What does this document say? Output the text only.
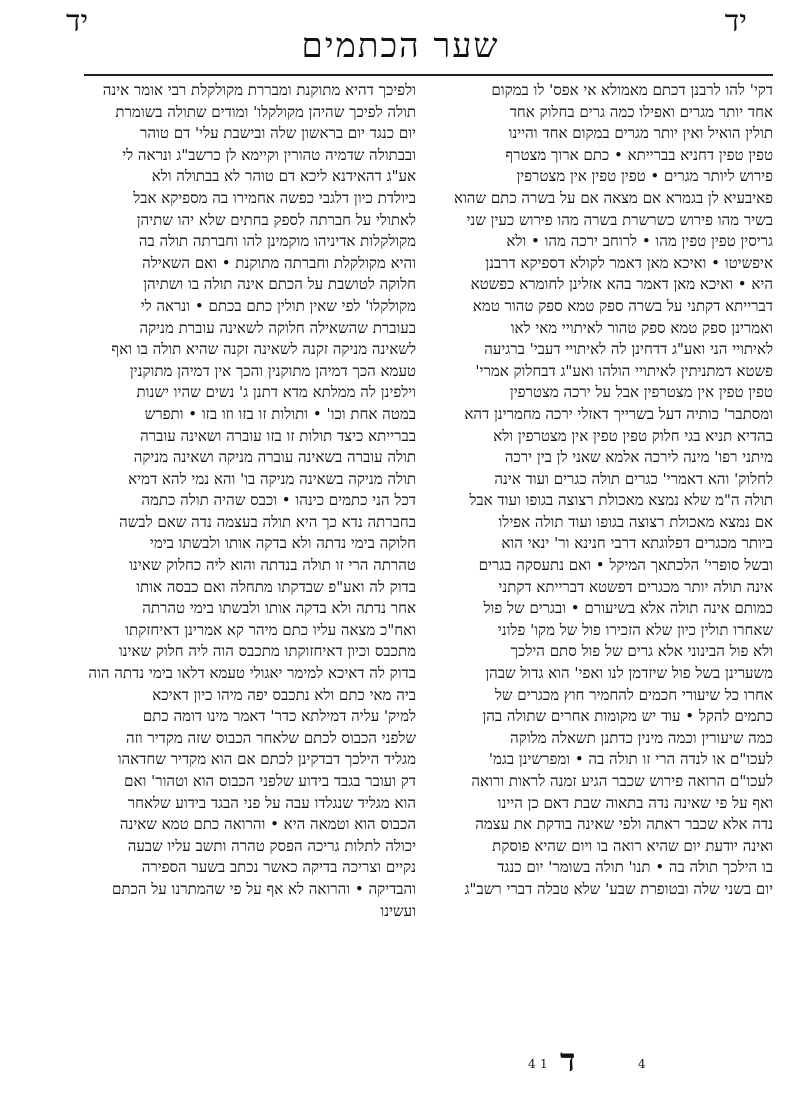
יד
שער הכתמים
יד

דקי' להו לרבנן דכתם מאמולא אי אפס' לו במקום
אחד יותר מגרים ואפילו כמה גרים בחלוק אחד
תולין הואיל ואין יותר מגרים במקום אחד והיינו
טפין טפין דחניא בברייתא • כתם ארוך מצטרף
פירוש ליותר מגרים • טפין טפין אין מצטרפין
פאיבעיא לן בגמרא אם מצאה אם על בשרה כתם שהוא
בשיר מהו פירוש כשרשרת בשרה מהו פירוש כעין שני
גריסין טפין טפין מהו • לרוחב ירכה מהו • ולא
איפשיטו • ואיכא מאן דאמר לקולא דספיקא דרבנן
היא • ואיכא מאן דאמר בהא אזלינן לחומרא כפשטא
דברייתא דקתני על בשרה ספק טמא ספק טהור טמא
ואמרינן ספק טמא ספק טהור לאיתויי מאי לאו
לאיתויי הני ואע"ג דדחינן לה לאיתויי דעבי' ברגיעה
פשטא דמתניתין לאיתויי הולהו ואע"ג דבחלוק אמרי'
טפין טפין אין מצטרפין אבל על ירכה מצטרפין
ומסתבר' כותיה דעל בשרייך דאזלי ירכה מחמרינן דהא
בהדיא תניא בגי חלוק טפין טפין אין מצטרפין ולא
מיתני רפו' מינה לירכה אלמא שאני לן בין ירכה
לחלוק' והא דאמרי' כגרים תולה כגרים ועוד אינה
תולה ה"מ שלא נמצא מאכולת רצוצה בגופו ועוד אבל
אם נמצא מאכולת רצוצה בגופו ועוד תולה אפילו
ביותר מכגרים דפלוגתא דרבי חנינא ור' ינאי הוא
ובשל סופרי' הלכתאך המיקל • ואם נתעסקה בגרים
אינה תולה יותר מכגרים דפשטא דברייתא דקתני
כמותם אינה תולה אלא בשיעורם • ובגרים של פול
שאחרו תולין כיון שלא הזכירו פול של מקו' פלוני
ולא פול הבינוני אלא גרים של פול סתם הילכך
משערינן בשל פול שיזדמן לנו ואפי' הוא גדול שבהן
אחרו כל שיעורי חכמים להחמיר חוץ מכגרים של
כתמים להקל • עוד יש מקומות אחרים שתולה בהן
כמה שיעורין וכמה מינין כדתנן תשאלה מלוקה
לעכו"ם או לנדה הרי זו תולה בה • ומפרשינן בגמ'
לעכו"ם הרואה פירוש שכבר הגיע זמנה לראות ורואה
ואף על פי שאינה נדה בתאוה שבת דאם כן היינו
נדה אלא שכבר ראתה ולפי שאינה בודקת את עצמה
ואינה יודעת יום שהיא רואה בו ויום שהיא פוסקת
בו הילכך תולה בה • תנו' תולה בשומר' יום כנגד
יום בשני שלה ובטופרת שבע' שלא טבלה דברי רשב"ג

ולפיכך דהיא מתוקנת ומבררת מקולקלת רבי אומר אינה
תולה לפיכך שהיהן מקולקלו' ומודים שתולה בשומרת
יום כנגד יום בראשון שלה ובישבת עלי' דם טוהר
ובבתולה שדמיה טהורין וקיימא לן כרשב"ג ונראה לי
אע"ג דהאידנא ליכא דם טוהר לא בבתולה ולא
ביולדת כיון דלגבי כפשה אחמירו בה מספיקא אבל
לאתולי על חברתה לספק בחתים שלא יהו שתיהן
מקולקלות אדיניהו מוקמינן להו וחברתה תולה בה
והיא מקולקלת וחברתה מתוקנת • ואם השאילה
חלוקה לטושבת על הכתם אינה תולה בו ושתיהן
מקולקלו' לפי שאין תולין כתם בכתם • ונראה לי
בעוברת שהשאילה חלוקה לשאינה עוברת מניקה
לשאינה מניקה זקנה לשאינה זקנה שהיא תולה בו ואף
טעמא הכך דמיהן מתוקנין והכך אין דמיהן מתוקנין
וילפינן לה ממלתא מדא דתנן ג' נשים שהיו ישנות
במטה אחת וכו' • ותולות זו בזו וזו בזו • ותפרש
בברייתא כיצד תולות זו בזו עוברה ושאינה עוברה
תולה עוברה בשאינה עוברה מניקה ושאינה מניקה
תולה מניקה בשאינה מניקה בו' והא נמי להא דמיא
דכל הני כתמים כינהו • וכבס שהיה תולה כתמה
בחברתה נדא כך היא תולה בעצמה נדה שאם לבשה
חלוקה בימי נדתה ולא בדקה אותו ולבשתו בימי
טהרתה הרי זו תולה בנדתה והוא ליה כחלוק שאינו
בדוק לה ואע"פ שבדקתו מתחלה ואם כבסה אותו
אחר נדתה ולא בדקה אותו ולבשתו בימי טהרתה
ואח"כ מצאה עליו כתם מיהר קא אמרינן דאיחזקתו
מתכבס וכיון דאיחזוקתו מתכבס הוה ליה חלוק שאינו
בדוק לה דאיכא למימר יאגולי טעמא דלאו בימי נדתה הוה
ביה מאי כתם ולא נתכבס יפה מיהו כיון דאיכא
למיק' עליה דמילתא כדר' דאמר מינו דומה כתם
שלפני הכבוס לכתם שלאחר הכבוס שזה מקדיר וזה
מגליד הילכך דבדקינן לכתם אם הוא מקדיר שחדאהו
דק ועובר בגבד בידוע שלפני הכבוס הוא וטהור' ואם
הוא מגליד שנגלדו עבה על פני הבגד בידוע שלאחר
הכבוס הוא וטמאה היא • והרואה כתם טמא שאינה
יכולה לתלות גריכה הפסק טהרה ותשב עליו שבעה
נקיים וצריכה בדיקה כאשר נכתב בשער הספירה
והבדיקה • והרואה לא אף על פי שהמתרנו על הכתם
ועשינו

4 1 ד	4
